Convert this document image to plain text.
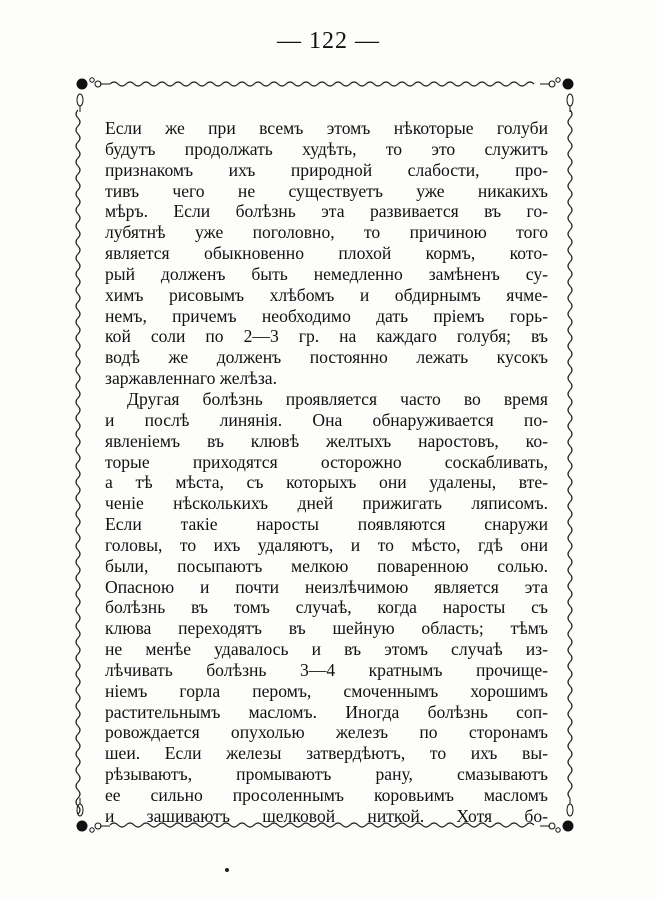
— 122 —
Если же при всемъ этомъ нѣкоторые голуби
будутъ продолжать худѣть, то это служитъ
признакомъ ихъ природной слабости, про-
тивъ чего не существуетъ уже никакихъ
мѣръ. Если болѣзнь эта развивается въ го-
лубятнѣ уже поголовно, то причиною того
является обыкновенно плохой кормъ, кото-
рый долженъ быть немедленно замѣненъ су-
химъ рисовымъ хлѣбомъ и обдирнымъ ячме-
немъ, причемъ необходимо дать пріемъ горь-
кой соли по 2—3 гр. на каждаго голубя; въ
водѣ же долженъ постоянно лежать кусокъ
заржавленнаго желѣза.
Другая болѣзнь проявляется часто во время
и послѣ линянія. Она обнаруживается по-
явленіемъ въ клювѣ желтыхъ наростовъ, ко-
торые приходятся осторожно соскабливать,
а тѣ мѣста, съ которыхъ они удалены, вте-
ченіе нѣсколькихъ дней прижигать ляписомъ.
Если такіе наросты появляются снаружи
головы, то ихъ удаляютъ, и то мѣсто, гдѣ они
были, посыпаютъ мелкою поваренною солью.
Опасною и почти неизлѣчимою является эта
болѣзнь въ томъ случаѣ, когда наросты съ
клюва переходятъ въ шейную область; тѣмъ
не менѣе удавалось и въ этомъ случаѣ из-
лѣчивать болѣзнь 3—4 кратнымъ прочище-
ніемъ горла перомъ, смоченнымъ хорошимъ
растительнымъ масломъ. Иногда болѣзнь соп-
ровождается опухолью железъ по сторонамъ
шеи. Если железы затвердѣютъ, то ихъ вы-
рѣзываютъ, промываютъ рану, смазываютъ
ее сильно просоленнымъ коровьимъ масломъ
и зашиваютъ шелковой ниткой. Хотя бо-
